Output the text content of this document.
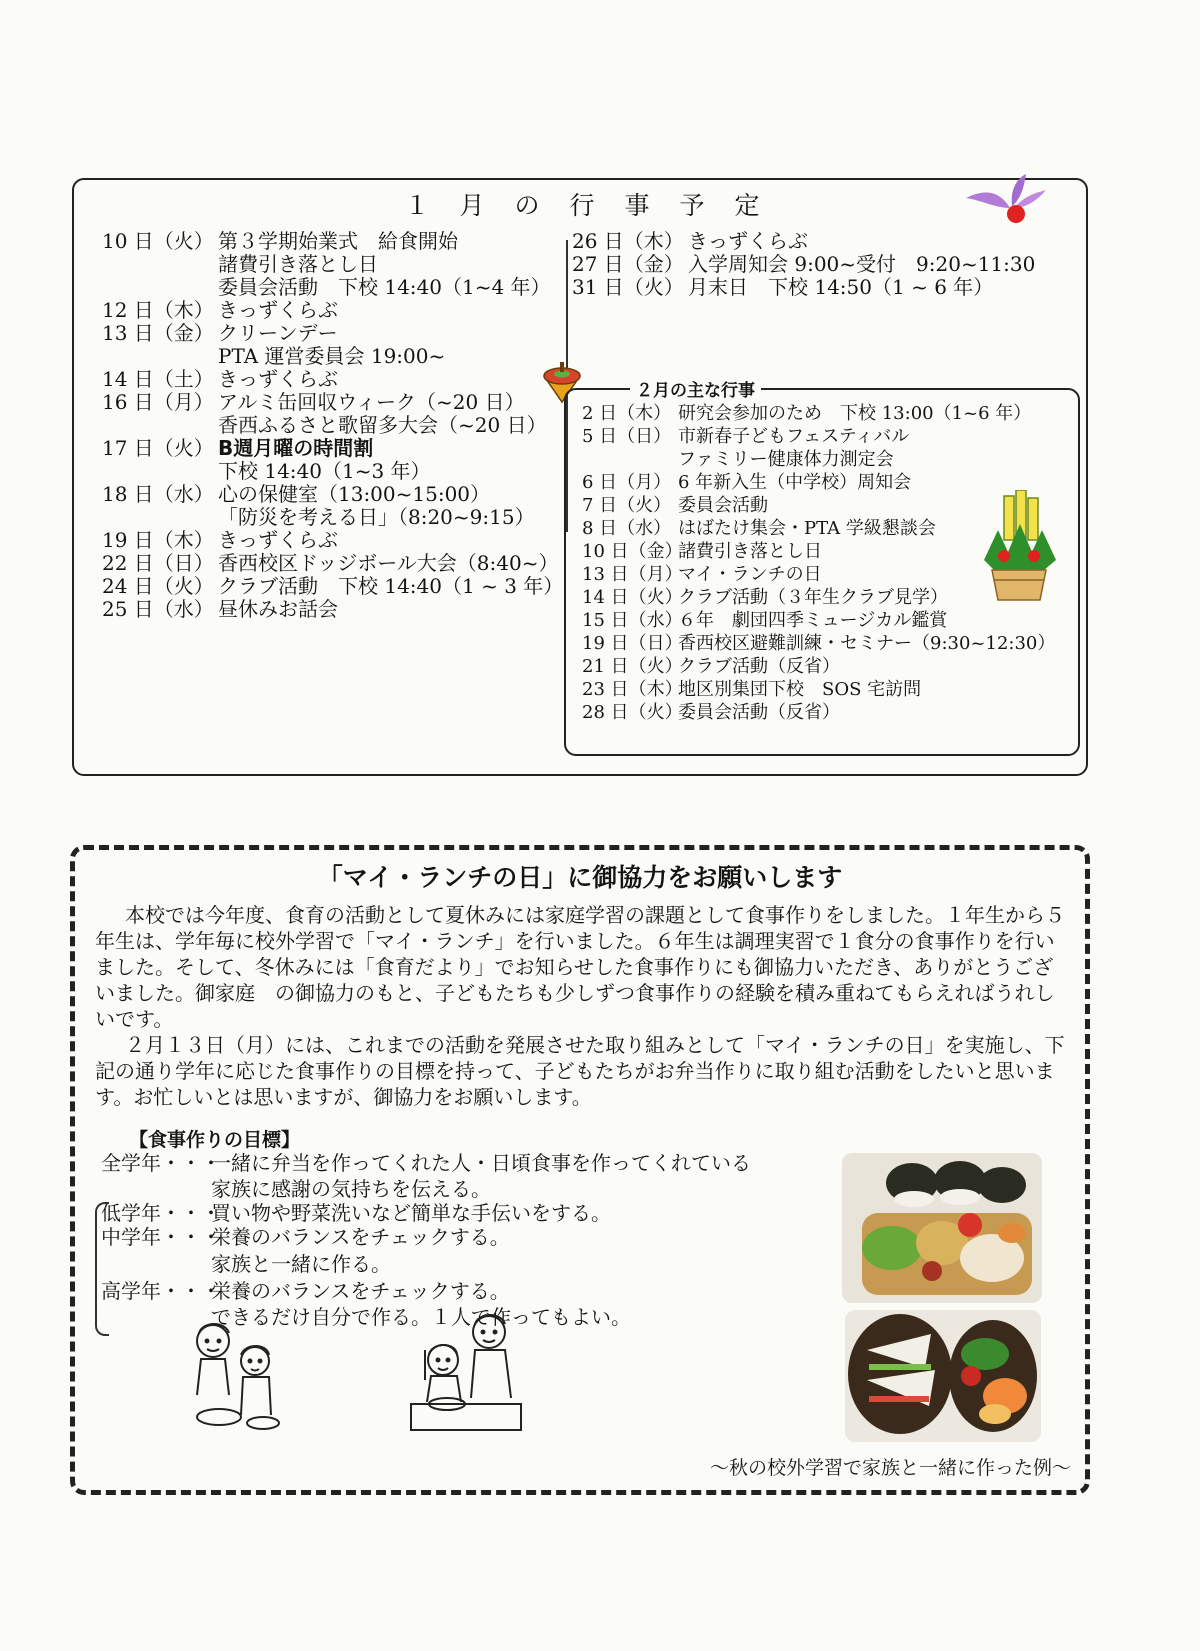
１月の行事予定
10 日（火） 第３学期始業式　給食開始
諸費引き落とし日
委員会活動　下校 14:40（1~4 年）
12 日（木） きっずくらぶ
13 日（金） クリーンデー
PTA 運営委員会 19:00~
14 日（土） きっずくらぶ
16 日（月） アルミ缶回収ウィーク（~20 日）
香西ふるさと歌留多大会（~20 日）
17 日（火） B週月曜の時間割
下校 14:40（1~3 年）
18 日（水） 心の保健室（13:00~15:00）
「防災を考える日」（8:20~9:15）
19 日（木） きっずくらぶ
22 日（日） 香西校区ドッジボール大会（8:40~）
24 日（火） クラブ活動　下校 14:40（1 ~ 3 年）
25 日（水） 昼休みお話会
26 日（木） きっずくらぶ
27 日（金） 入学周知会 9:00~受付　9:20~11:30
31 日（火） 月末日　下校 14:50（1 ~ 6 年）
２月の主な行事
2 日（木） 研究会参加のため　下校 13:00（1~6 年）
5 日（日） 市新春子どもフェスティバル
ファミリー健康体力測定会
6 日（月） 6 年新入生（中学校）周知会
7 日（火） 委員会活動
8 日（水） はばたけ集会・PTA 学級懇談会
10 日（金）
諸費引き落とし日
13 日（月）
マイ・ランチの日
14 日（火）
クラブ活動（３年生クラブ見学）
15 日（水）
６年　劇団四季ミュージカル鑑賞
19 日（日）
香西校区避難訓練・セミナー（9:30~12:30）
21 日（火）
クラブ活動（反省）
23 日（木）
地区別集団下校　SOS 宅訪問
28 日（火）
委員会活動（反省）
「マイ・ランチの日」に御協力をお願いします

本校では今年度、食育の活動として夏休みには家庭学習の課題として食事作りをしました。１年生から５年生は、学年毎に校外学習で「マイ・ランチ」を行いました。６年生は調理実習で１食分の食事作りを行いました。そして、冬休みには「食育だより」でお知らせした食事作りにも御協力いただき、ありがとうございました。御家庭　の御協力のもと、子どもたちも少しずつ食事作りの経験を積み重ねてもらえればうれしいです。

２月１３日（月）には、これまでの活動を発展させた取り組みとして「マイ・ランチの日」を実施し、下記の通り学年に応じた食事作りの目標を持って、子どもたちがお弁当作りに取り組む活動をしたいと思います。お忙しいとは思いますが、御協力をお願いします。

【食事作りの目標】
全学年・・・一緒に弁当を作ってくれた人・日頃食事を作ってくれている
家族に感謝の気持ちを伝える。
低学年・・・買い物や野菜洗いなど簡単な手伝いをする。
中学年・・・栄養のバランスをチェックする。
家族と一緒に作る。
高学年・・・栄養のバランスをチェックする。
できるだけ自分で作る。１人で作ってもよい。
～秋の校外学習で家族と一緒に作った例～
